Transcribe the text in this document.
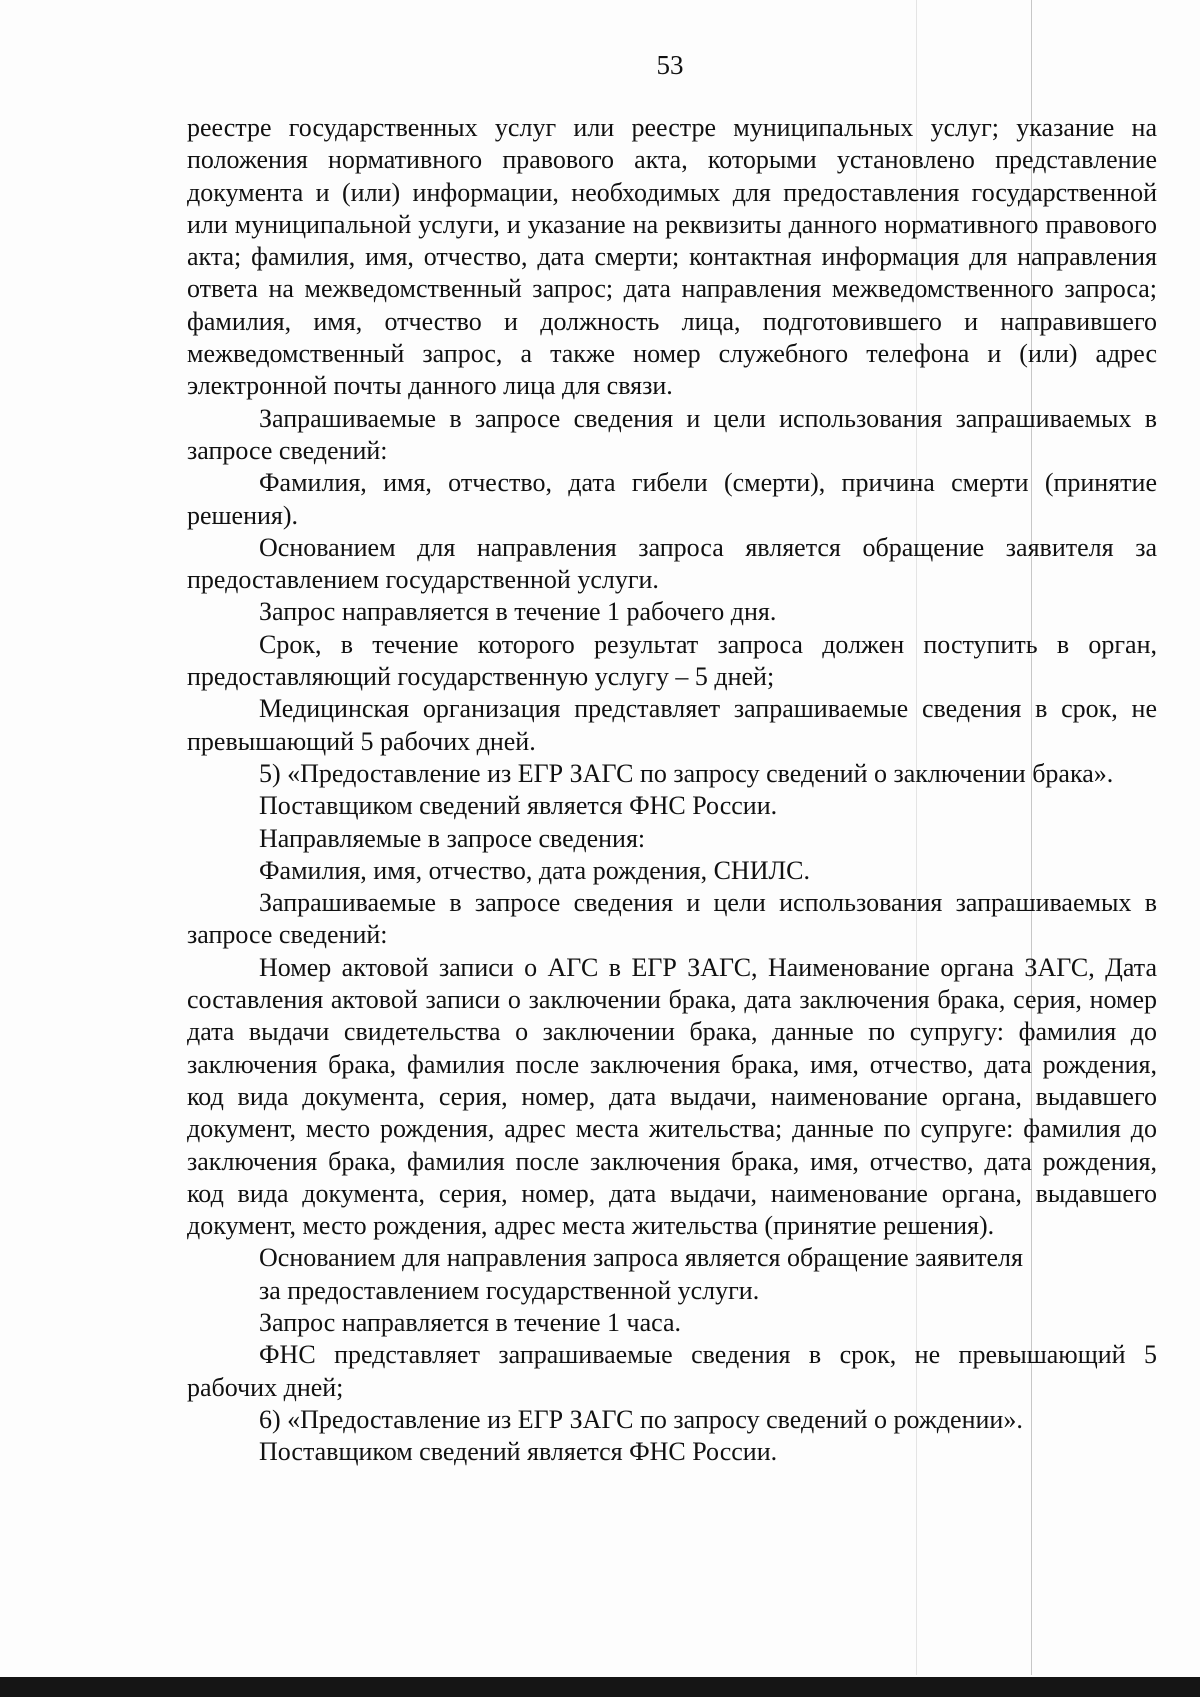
53

реестре государственных услуг или реестре муниципальных услуг; указание на положения нормативного правового акта, которыми установлено представление документа и (или) информации, необходимых для предоставления государственной или муниципальной услуги, и указание на реквизиты данного нормативного правового акта; фамилия, имя, отчество, дата смерти; контактная информация для направления ответа на межведомственный запрос; дата направления межведомственного запроса; фамилия, имя, отчество и должность лица, подготовившего и направившего межведомственный запрос, а также номер служебного телефона и (или) адрес электронной почты данного лица для связи.

Запрашиваемые в запросе сведения и цели использования запрашиваемых в запросе сведений:

Фамилия, имя, отчество, дата гибели (смерти), причина смерти (принятие решения).

Основанием для направления запроса является обращение заявителя за предоставлением государственной услуги.

Запрос направляется в течение 1 рабочего дня.

Срок, в течение которого результат запроса должен поступить в орган, предоставляющий государственную услугу – 5 дней;

Медицинская организация представляет запрашиваемые сведения в срок, не превышающий 5 рабочих дней.

5) «Предоставление из ЕГР ЗАГС по запросу сведений о заключении брака».

Поставщиком сведений является ФНС России.

Направляемые в запросе сведения:

Фамилия, имя, отчество, дата рождения, СНИЛС.

Запрашиваемые в запросе сведения и цели использования запрашиваемых в запросе сведений:

Номер актовой записи о АГС в ЕГР ЗАГС, Наименование органа ЗАГС, Дата составления актовой записи о заключении брака, дата заключения брака, серия, номер дата выдачи свидетельства о заключении брака, данные по супругу: фамилия до заключения брака, фамилия после заключения брака, имя, отчество, дата рождения, код вида документа, серия, номер, дата выдачи, наименование органа, выдавшего документ, место рождения, адрес места жительства; данные по супруге: фамилия до заключения брака, фамилия после заключения брака, имя, отчество, дата рождения, код вида документа, серия, номер, дата выдачи, наименование органа, выдавшего документ, место рождения, адрес места жительства (принятие решения).

Основанием для направления запроса является обращение заявителя

за предоставлением государственной услуги.

Запрос направляется в течение 1 часа.

ФНС представляет запрашиваемые сведения в срок, не превышающий 5 рабочих дней;

6) «Предоставление из ЕГР ЗАГС по запросу сведений о рождении».

Поставщиком сведений является ФНС России.
